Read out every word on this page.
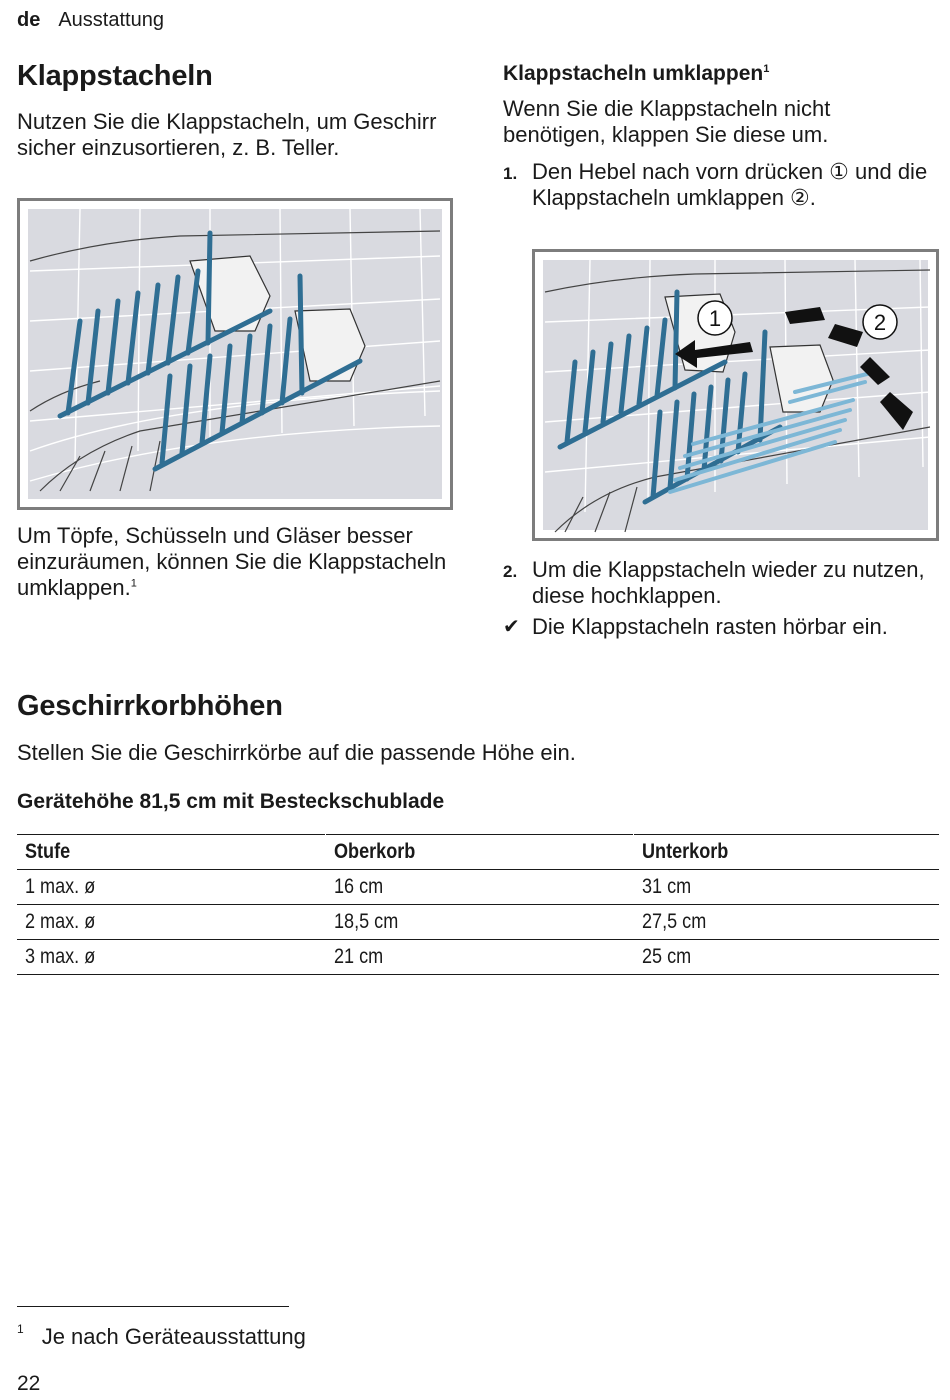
de Ausstattung
Klappstacheln

Nutzen Sie die Klappstacheln, um Geschirr sicher einzusortieren, z. B. Teller.

Um Töpfe, Schüsseln und Gläser besser einzuräumen, können Sie die Klappstacheln umklappen.$^1$

Klappstacheln umklappen$^1$

Wenn Sie die Klappstacheln nicht benötigen, klappen Sie diese um.

1. Den Hebel nach vorn drücken ① und die Klappstacheln umklappen ②.
1	2
2. Um die Klappstacheln wieder zu nutzen, diese hochklappen.
✔ Die Klappstacheln rasten hörbar ein.
Geschirrkorbhöhen

Stellen Sie die Geschirrkörbe auf die passende Höhe ein.

Gerätehöhe 81,5 cm mit Besteckschublade
Stufe	Oberkorb	Unterkorb
1 max. ø	16 cm	31 cm
2 max. ø	18,5 cm	27,5 cm
3 max. ø	21 cm	25 cm
$^1$ Je nach Geräteausstattung
22
